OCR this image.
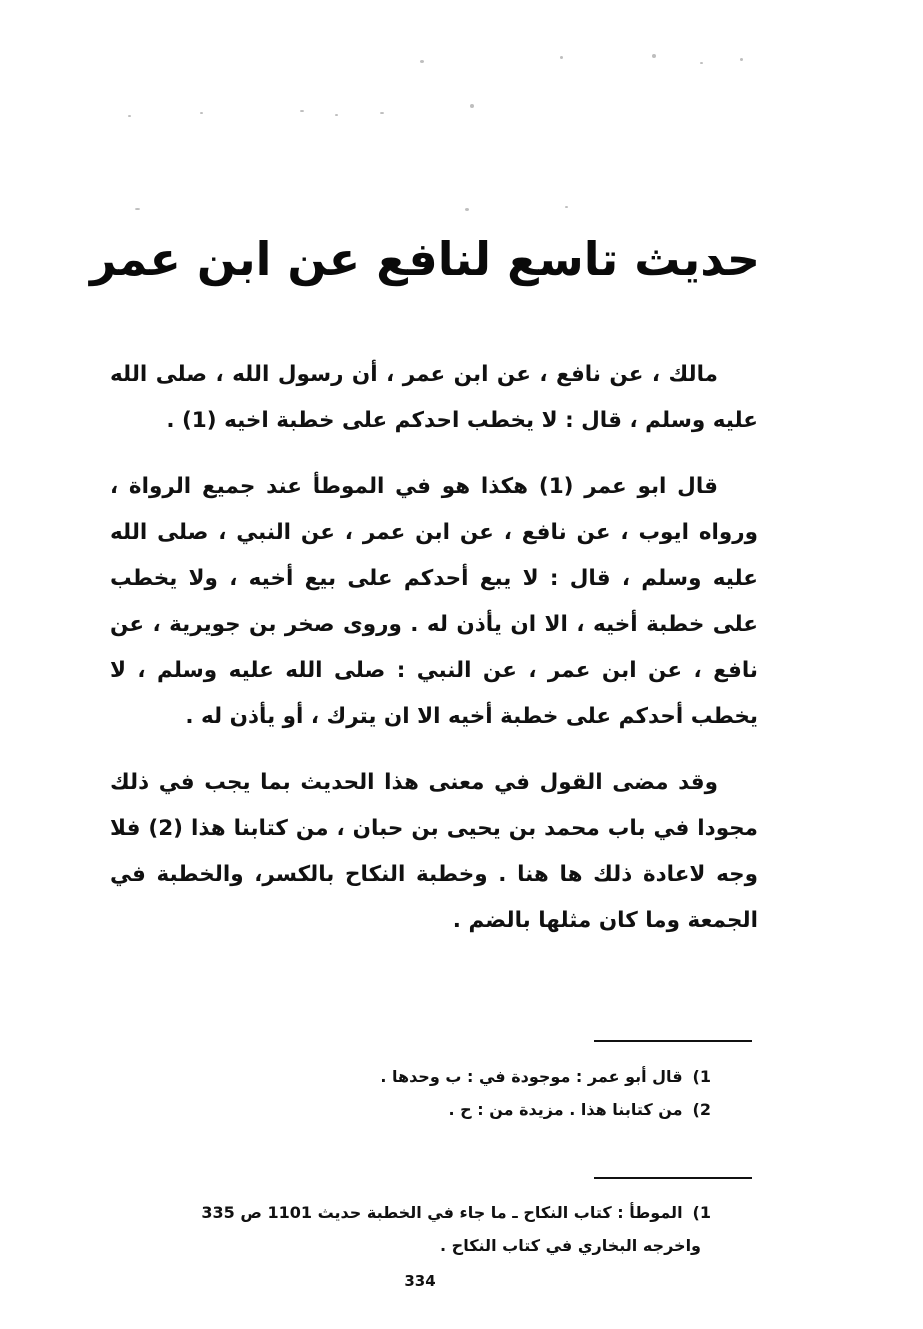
حديث تاسع لنافع عن ابن عمر

مالك ، عن نافع ، عن ابن عمر ، أن رسول الله ، صلى الله عليه وسلم ، قال : لا يخطب احدكم على خطبة اخيه (1) .

قال ابو عمر (1) هكذا هو في الموطأ عند جميع الرواة ، ورواه ايوب ، عن نافع ، عن ابن عمر ، عن النبي ، صلى الله عليه وسلم ، قال : لا يبع أحدكم على بيع أخيه ، ولا يخطب على خطبة أخيه ، الا ان يأذن له . وروى صخر بن جويرية ، عن نافع ، عن ابن عمر ، عن النبي : صلى الله عليه وسلم ، لا يخطب أحدكم على خطبة أخيه الا ان يترك ، أو يأذن له .

وقد مضى القول في معنى هذا الحديث بما يجب في ذلك مجودا في باب محمد بن يحيى بن حبان ، من كتابنا هذا (2) فلا وجه لاعادة ذلك ها هنا . وخطبة النكاح بالكسر، والخطبة في الجمعة وما كان مثلها بالضم .

1)قال أبو عمر : موجودة في : ب وحدها .
2)من كتابنا هذا . مزيدة من : ح .
1)الموطأ : كتاب النكاح ـ ما جاء في الخطبة حديث 1101 ص 335
واخرجه البخاري في كتاب النكاح .
334
